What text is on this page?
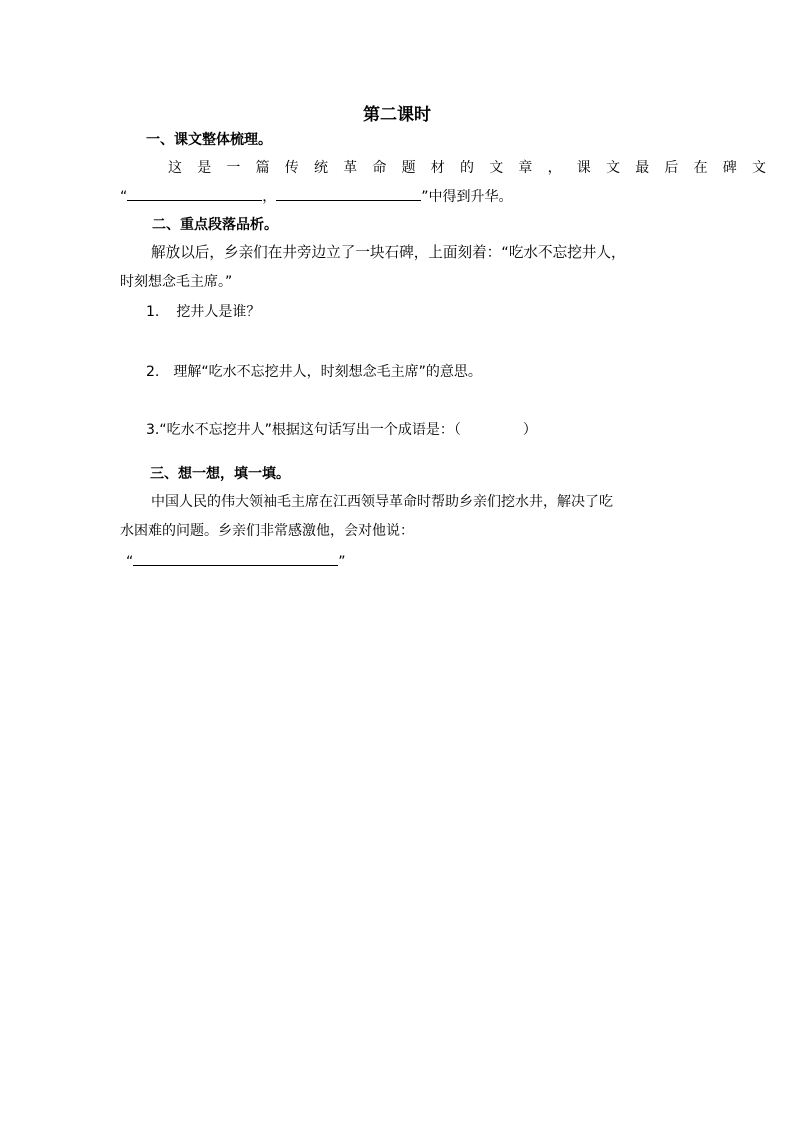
第二课时
一、课文整体梳理。
这是一篇传统革命题材的文章，课文最后在碑文
“	，	”中得到升华。
二、重点段落品析。
解放以后，乡亲们在井旁边立了一块石碑，上面刻着：“吃水不忘挖井人，
时刻想念毛主席。”
1. 挖井人是谁？
2. 理解“吃水不忘挖井人，时刻想念毛主席”的意思。
3.“吃水不忘挖井人”根据这句话写出一个成语是：（	）
三、想一想，填一填。
中国人民的伟大领袖毛主席在江西领导革命时帮助乡亲们挖水井，解决了吃
水困难的问题。乡亲们非常感激他，会对他说：
“	”
